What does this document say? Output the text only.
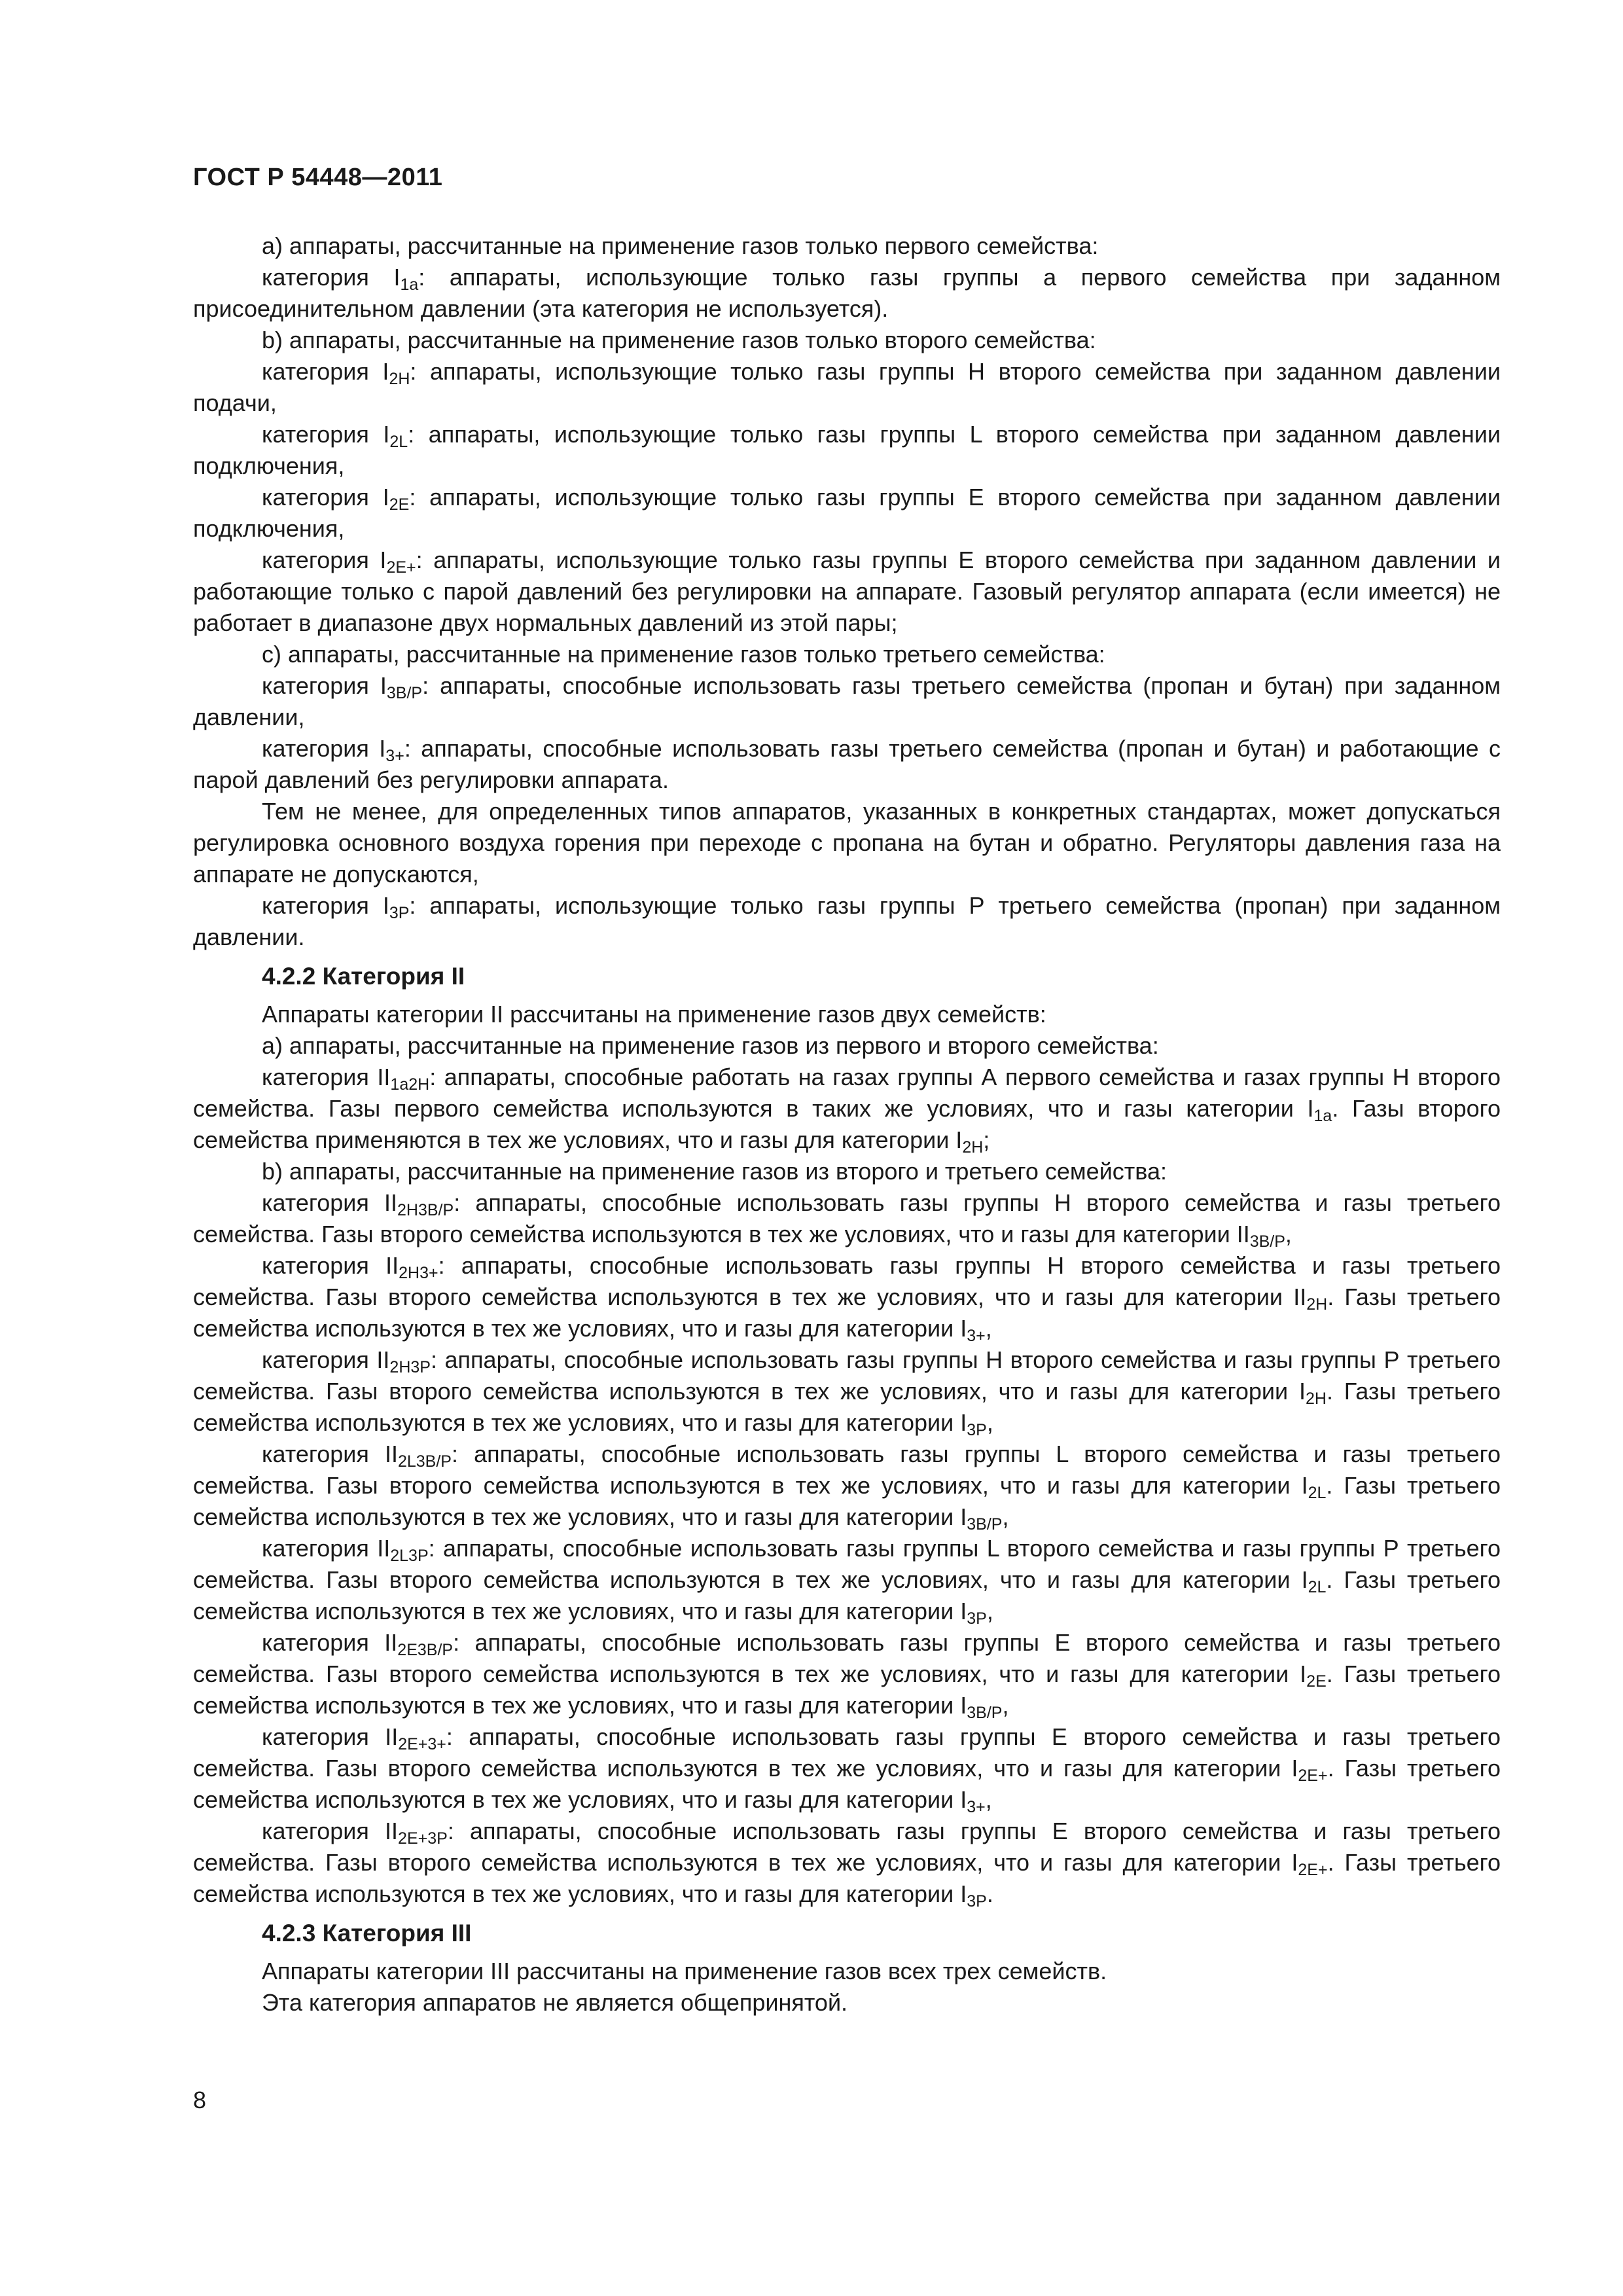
ГОСТ Р 54448—2011

a) аппараты, рассчитанные на применение газов только первого семейства:

категория $I_{1a}$: аппараты, использующие только газы группы а первого семейства при заданном присоединительном давлении (эта категория не используется).

b) аппараты, рассчитанные на применение газов только второго семейства:

категория $I_{2H}$: аппараты, использующие только газы группы Н второго семейства при заданном давлении подачи,

категория $I_{2L}$: аппараты, использующие только газы группы L второго семейства при заданном давлении подключения,

категория $I_{2E}$: аппараты, использующие только газы группы Е второго семейства при заданном давлении подключения,

категория $I_{2E+}$: аппараты, использующие только газы группы Е второго семейства при заданном давлении и работающие только с парой давлений без регулировки на аппарате. Газовый регулятор аппарата (если имеется) не работает в диапазоне двух нормальных давлений из этой пары;

c) аппараты, рассчитанные на применение газов только третьего семейства:

категория $I_{3B/P}$: аппараты, способные использовать газы третьего семейства (пропан и бутан) при заданном давлении,

категория $I_{3+}$: аппараты, способные использовать газы третьего семейства (пропан и бутан) и работающие с парой давлений без регулировки аппарата.

Тем не менее, для определенных типов аппаратов, указанных в конкретных стандартах, может допускаться регулировка основного воздуха горения при переходе с пропана на бутан и обратно. Регуляторы давления газа на аппарате не допускаются,

категория $I_{3P}$: аппараты, использующие только газы группы Р третьего семейства (пропан) при заданном давлении.

4.2.2 Категория II

Аппараты категории II рассчитаны на применение газов двух семейств:

a) аппараты, рассчитанные на применение газов из первого и второго семейства:

категория $II_{1a2H}$: аппараты, способные работать на газах группы А первого семейства и газах группы Н второго семейства. Газы первого семейства используются в таких же условиях, что и газы категории $I_{1a}$. Газы второго семейства применяются в тех же условиях, что и газы для категории $I_{2H}$;

b) аппараты, рассчитанные на применение газов из второго и третьего семейства:

категория $II_{2H3B/P}$: аппараты, способные использовать газы группы Н второго семейства и газы третьего семейства. Газы второго семейства используются в тех же условиях, что и газы для категории $II_{3B/P}$,

категория $II_{2H3+}$: аппараты, способные использовать газы группы Н второго семейства и газы третьего семейства. Газы второго семейства используются в тех же условиях, что и газы для категории $II_{2H}$. Газы третьего семейства используются в тех же условиях, что и газы для категории $I_{3+}$,

категория $II_{2H3P}$: аппараты, способные использовать газы группы Н второго семейства и газы группы Р третьего семейства. Газы второго семейства используются в тех же условиях, что и газы для категории $I_{2H}$. Газы третьего семейства используются в тех же условиях, что и газы для категории $I_{3P}$,

категория $II_{2L3B/P}$: аппараты, способные использовать газы группы L второго семейства и газы третьего семейства. Газы второго семейства используются в тех же условиях, что и газы для категории $I_{2L}$. Газы третьего семейства используются в тех же условиях, что и газы для категории $I_{3B/P}$,

категория $II_{2L3P}$: аппараты, способные использовать газы группы L второго семейства и газы группы Р третьего семейства. Газы второго семейства используются в тех же условиях, что и газы для категории $I_{2L}$. Газы третьего семейства используются в тех же условиях, что и газы для категории $I_{3P}$,

категория $II_{2E3B/P}$: аппараты, способные использовать газы группы Е второго семейства и газы третьего семейства. Газы второго семейства используются в тех же условиях, что и газы для категории $I_{2E}$. Газы третьего семейства используются в тех же условиях, что и газы для категории $I_{3B/P}$,

категория $II_{2E+3+}$: аппараты, способные использовать газы группы Е второго семейства и газы третьего семейства. Газы второго семейства используются в тех же условиях, что и газы для категории $I_{2E+}$. Газы третьего семейства используются в тех же условиях, что и газы для категории $I_{3+}$,

категория $II_{2E+3P}$: аппараты, способные использовать газы группы Е второго семейства и газы третьего семейства. Газы второго семейства используются в тех же условиях, что и газы для категории $I_{2E+}$. Газы третьего семейства используются в тех же условиях, что и газы для категории $I_{3P}$.

4.2.3 Категория III

Аппараты категории III рассчитаны на применение газов всех трех семейств.

Эта категория аппаратов не является общепринятой.

8
